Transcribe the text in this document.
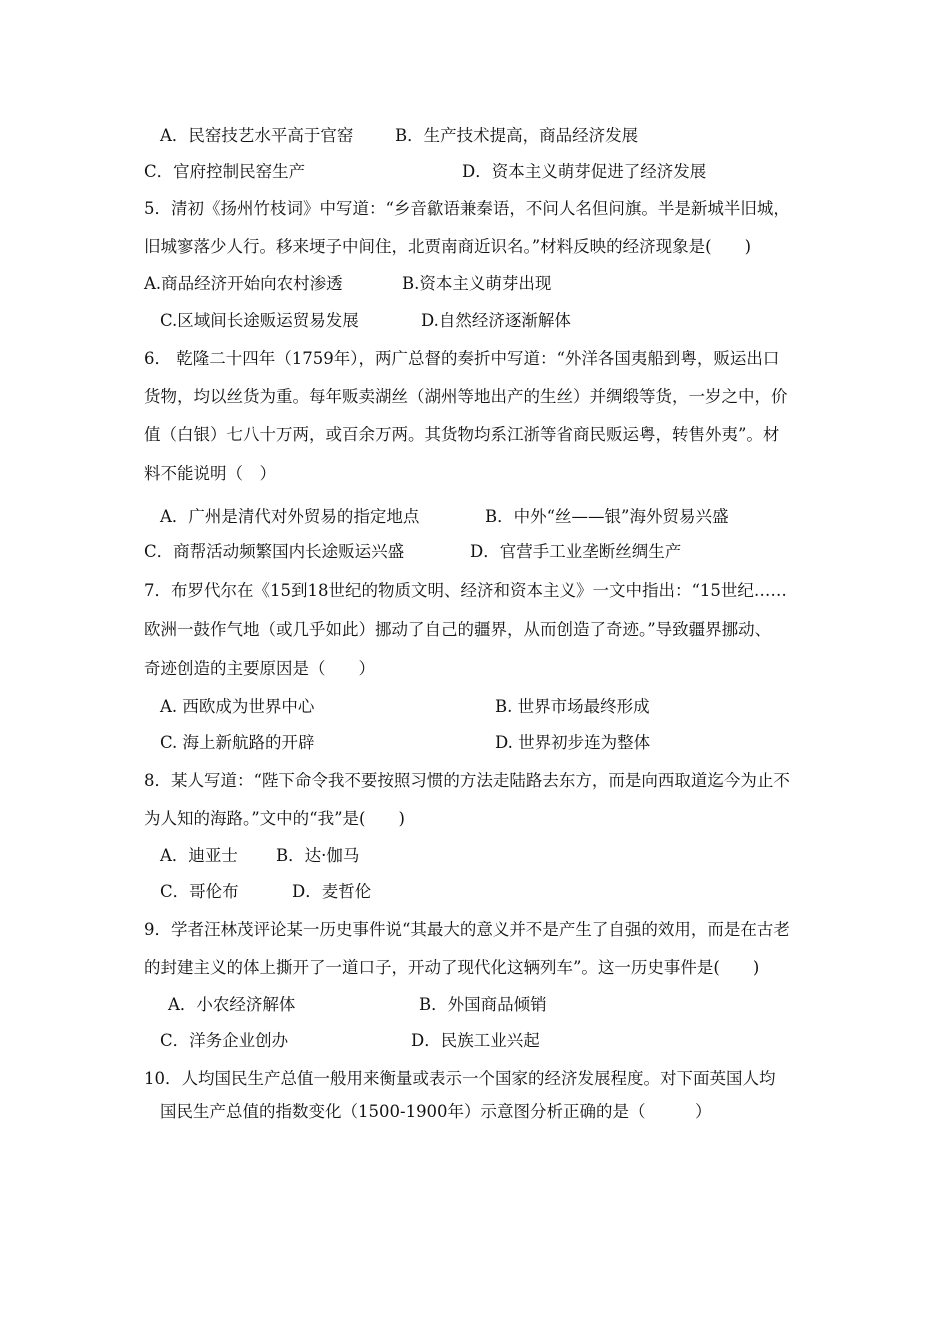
A．民窑技艺水平高于官窑	B．生产技术提高，商品经济发展
C．官府控制民窑生产	D．资本主义萌芽促进了经济发展
5．清初《扬州竹枝词》中写道：“乡音歙语兼秦语，不问人名但问旗。半是新城半旧城，
旧城寥落少人行。移来埂子中间住，北贾南商近识名。”材料反映的经济现象是(　　)
A.商品经济开始向农村渗透	B.资本主义萌芽出现
C.区域间长途贩运贸易发展	D.自然经济逐渐解体
6． 乾隆二十四年（1759年），两广总督的奏折中写道：“外洋各国夷船到粤，贩运出口
货物，均以丝货为重。每年贩卖湖丝（湖州等地出产的生丝）并绸缎等货，一岁之中，价
值（白银）七八十万两，或百余万两。其货物均系江浙等省商民贩运粤，转售外夷”。材
料不能说明（　）
A．广州是清代对外贸易的指定地点	B．中外“丝——银”海外贸易兴盛
C．商帮活动频繁国内长途贩运兴盛	D．官营手工业垄断丝绸生产
7．布罗代尔在《15到18世纪的物质文明、经济和资本主义》一文中指出：“15世纪……
欧洲一鼓作气地（或几乎如此）挪动了自己的疆界，从而创造了奇迹。”导致疆界挪动、
奇迹创造的主要原因是（　　）
A. 西欧成为世界中心	B. 世界市场最终形成
C. 海上新航路的开辟	D. 世界初步连为整体
8．某人写道：“陛下命令我不要按照习惯的方法走陆路去东方，而是向西取道迄今为止不
为人知的海路。”文中的“我”是(　　)
A．迪亚士 B．达·伽马
C．哥伦布	D．麦哲伦
9．学者汪林茂评论某一历史事件说“其最大的意义并不是产生了自强的效用，而是在古老
的封建主义的体上撕开了一道口子，开动了现代化这辆列车”。这一历史事件是(　　)
A．小农经济解体	B．外国商品倾销
C．洋务企业创办	D．民族工业兴起
10．人均国民生产总值一般用来衡量或表示一个国家的经济发展程度。对下面英国人均
国民生产总值的指数变化（1500-1900年）示意图分析正确的是（　　　）
